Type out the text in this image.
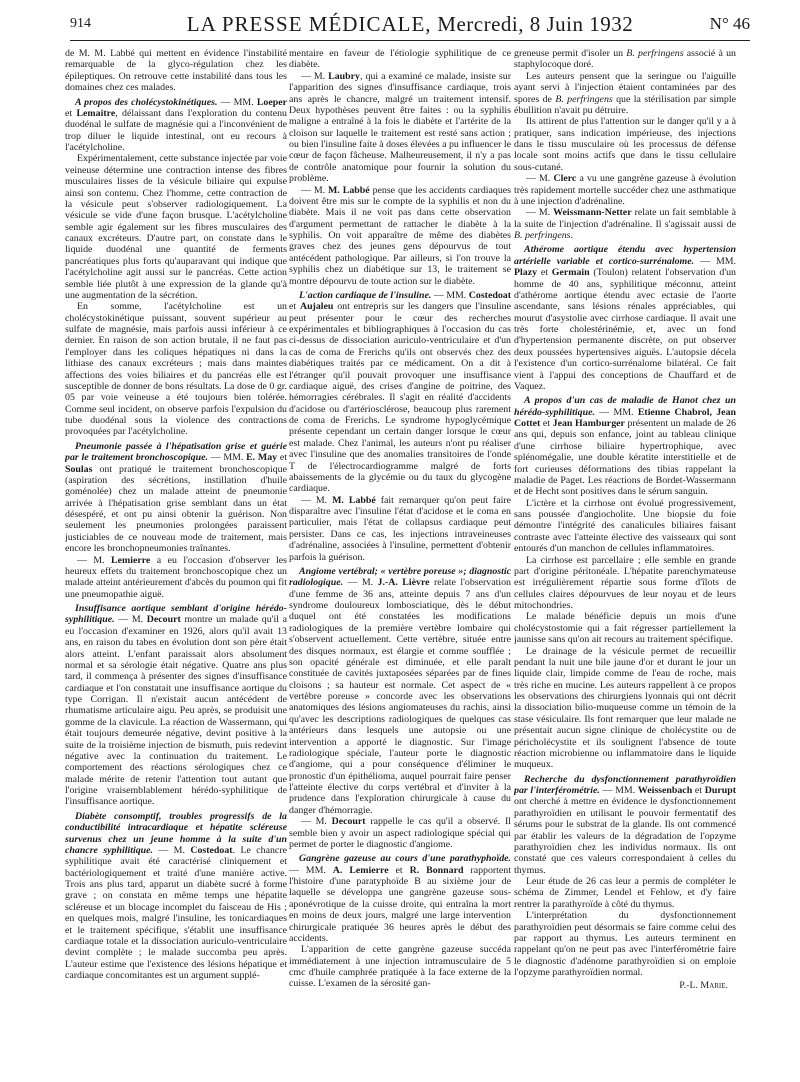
914	LA PRESSE MÉDICALE, Mercredi, 8 Juin 1932	N° 46

de M. M. Labbé qui mettent en évidence l'instabilité remarquable de la glyco-régulation chez les épileptiques. On retrouve cette instabilité dans tous les domaines chez ces malades.

A propos des cholécystokinétiques. — MM. Loeper et Lemaitre, délaissant dans l'exploration du contenu duodénal le sulfate de magnésie qui a l'inconvénient de trop diluer le liquide intestinal, ont eu recours à l'acétylcholine.

Expérimentalement, cette substance injectée par voie veineuse détermine une contraction intense des fibres musculaires lisses de la vésicule biliaire qui expulse ainsi son contenu. Chez l'homme, cette contraction de la vésicule peut s'observer radiologiquement. La vésicule se vide d'une façon brusque. L'acétylcholine semble agir également sur les fibres musculaires des canaux excréteurs. D'autre part, on constate dans le liquide duodénal une quantité de ferments pancréatiques plus forts qu'auparavant qui indique que l'acétylcholine agit aussi sur le pancréas. Cette action semble liée plutôt à une expression de la glande qu'à une augmentation de la sécrétion.

En somme, l'acétylcholine est un cholécystokinétique puissant, souvent supérieur au sulfate de magnésie, mais parfois aussi inférieur à ce dernier. En raison de son action brutale, il ne faut pas l'employer dans les coliques hépatiques ni dans la lithiase des canaux excréteurs ; mais dans maintes affections des voies biliaires et du pancréas elle est susceptible de donner de bons résultats. La dose de 0 gr. 05 par voie veineuse a été toujours bien tolérée. Comme seul incident, on observe parfois l'expulsion du tube duodénal sous la violence des contractions provoquées par l'acétylcholine.

Pneumonie passée à l'hépatisation grise et guérie par le traitement bronchoscopique. — MM. E. May et Soulas ont pratiqué le traitement bronchoscopique (aspiration des sécrétions, instillation d'huile goménolée) chez un malade atteint de pneumonie arrivée à l'hépatisation grise semblant dans un état désespéré, et ont pu ainsi obtenir la guérison. Non seulement les pneumonies prolongées paraissent justiciables de ce nouveau mode de traitement, mais encore les bronchopneumonies traînantes.

— M. Lemierre a eu l'occasion d'observer les heureux effets du traitement bronchoscopique chez un malade atteint antérieurement d'abcès du poumon qui fit une pneumopathie aiguë.

Insuffisance aortique semblant d'origine hérédo-syphilitique. — M. Decourt montre un malade qu'il a eu l'occasion d'examiner en 1926, alors qu'il avait 13 ans, en raison du tabes en évolution dont son père était alors atteint. L'enfant paraissait alors absolument normal et sa sérologie était négative. Quatre ans plus tard, il commença à présenter des signes d'insuffisance cardiaque et l'on constatait une insuffisance aortique du type Corrigan. Il n'existait aucun antécédent de rhumatisme articulaire aigu. Peu après, se produisit une gomme de la clavicule. La réaction de Wassermann, qui était toujours demeurée négative, devint positive à la suite de la troisième injection de bismuth, puis redevint négative avec la continuation du traitement. Le comportement des réactions sérologiques chez ce malade mérite de retenir l'attention tout autant que l'origine vraisemblablement hérédo-syphilitique de l'insuffisance aortique.

Diabète consomptif, troubles progressifs de la conductibilité intracardiaque et hépatite scléreuse survenus chez un jeune homme à la suite d'un chancre syphilitique. — M. Costedoat. Le chancre syphilitique avait été caractérisé cliniquement et bactériologiquement et traité d'une manière active. Trois ans plus tard, apparut un diabète sucré à forme grave ; on constata en même temps une hépatite scléreuse et un blocage incomplet du faisceau de His ; en quelques mois, malgré l'insuline, les tonicardiaques et le traitement spécifique, s'établit une insuffisance cardiaque totale et la dissociation auriculo-ventriculaire devint complète ; le malade succomba peu après. L'auteur estime que l'existence des lésions hépatique et cardiaque concomitantes est un argument supplé-

mentaire en faveur de l'étiologie syphilitique de ce diabète.

— M. Laubry, qui a examiné ce malade, insiste sur l'apparition des signes d'insuffisance cardiaque, trois ans après le chancre, malgré un traitement intensif. Deux hypothèses peuvent être faites : ou la syphilis maligne a entraîné à la fois le diabète et l'artérite de la cloison sur laquelle le traitement est resté sans action ; ou bien l'insuline faite à doses élevées a pu influencer le cœur de façon fâcheuse. Malheureusement, il n'y a pas de contrôle anatomique pour fournir la solution du problème.

— M. M. Labbé pense que les accidents cardiaques doivent être mis sur le compte de la syphilis et non du diabète. Mais il ne voit pas dans cette observation d'argument permettant de rattacher le diabète à la syphilis. On voit apparaître de même des diabètes graves chez des jeunes gens dépourvus de tout antécédent pathologique. Par ailleurs, si l'on trouve la syphilis chez un diabétique sur 13, le traitement se montre dépourvu de toute action sur le diabète.

L'action cardiaque de l'insuline. — MM. Costedoat et Aujaleu ont entrepris sur les dangers que l'insuline peut présenter pour le cœur des recherches expérimentales et bibliographiques à l'occasion du cas ci-dessus de dissociation auriculo-ventriculaire et d'un cas de coma de Frerichs qu'ils ont observés chez des diabétiques traités par ce médicament. On a dit à l'étranger qu'il pouvait provoquer une insuffisance cardiaque aiguë, des crises d'angine de poitrine, des hémorragies cérébrales. Il s'agit en réalité d'accidents d'acidose ou d'artériosclérose, beaucoup plus rarement de coma de Frerichs. Le syndrome hypoglycémique présente cependant un certain danger lorsque le cœur est malade. Chez l'animal, les auteurs n'ont pu réaliser avec l'insuline que des anomalies transitoires de l'onde T de l'électrocardiogramme malgré de forts abaissements de la glycémie ou du taux du glycogène cardiaque.

— M. M. Labbé fait remarquer qu'on peut faire disparaître avec l'insuline l'état d'acidose et le coma en particulier, mais l'état de collapsus cardiaque peut persister. Dans ce cas, les injections intraveineuses d'adrénaline, associées à l'insuline, permettent d'obtenir parfois la guérison.

Angiome vertébral; « vertèbre poreuse »; diagnostic radiologique. — M. J.-A. Lièvre relate l'observation d'une femme de 36 ans, atteinte depuis 7 ans d'un syndrome douloureux lombosciatique, dès le début duquel ont été constatées les modifications radiologiques de la première vertèbre lombaire qui s'observent actuellement. Cette vertèbre, située entre des disques normaux, est élargie et comme soufflée ; son opacité générale est diminuée, et elle paraît constituée de cavités juxtaposées séparées par de fines cloisons ; sa hauteur est normale. Cet aspect de « vertèbre poreuse » concorde avec les observations anatomiques des lésions angiomateuses du rachis, ainsi qu'avec les descriptions radiologiques de quelques cas antérieurs dans lesquels une autopsie ou une intervention a apporté le diagnostic. Sur l'image radiologique spéciale, l'auteur porte le diagnostic d'angiome, qui a pour conséquence d'éliminer le pronostic d'un épithélioma, auquel pourrait faire penser l'atteinte élective du corps vertébral et d'inviter à la prudence dans l'exploration chirurgicale à cause du danger d'hémorragie.

— M. Decourt rappelle le cas qu'il a observé. Il semble bien y avoir un aspect radiologique spécial qui permet de porter le diagnostic d'angiome.

Gangrène gazeuse au cours d'une parathyphoïde. — MM. A. Lemierre et R. Bonnard rapportent l'histoire d'une paratyphoïde B au sixième jour de laquelle se développa une gangrène gazeuse sous-aponévrotique de la cuisse droite, qui entraîna la mort en moins de deux jours, malgré une large intervention chirurgicale pratiquée 36 heures après le début des accidents.

L'apparition de cette gangrène gazeuse succéda immédiatement à une injection intramusculaire de 5 cmc d'huile camphrée pratiquée à la face externe de la cuisse. L'examen de la sérosité gan-

greneuse permit d'isoler un B. perfringens associé à un staphylocoque doré.

Les auteurs pensent que la seringue ou l'aiguille ayant servi à l'injection étaient contaminées par des spores de B. perfringens que la stérilisation par simple ébullition n'avait pu détruire.

Ils attirent de plus l'attention sur le danger qu'il y a à pratiquer, sans indication impérieuse, des injections dans le tissu musculaire où les processus de défense locale sont moins actifs que dans le tissu cellulaire sous-cutané.

— M. Clerc a vu une gangrène gazeuse à évolution très rapidement mortelle succéder chez une asthmatique à une injection d'adrénaline.

— M. Weissmann-Netter relate un fait semblable à la suite de l'injection d'adrénaline. Il s'agissait aussi de B. perfringens.

Athérome aortique étendu avec hypertension artérielle variable et cortico-surrénalome. — MM. Plazy et Germain (Toulon) relatent l'observation d'un homme de 40 ans, syphilitique méconnu, atteint d'athérome aortique étendu avec ectasie de l'aorte ascendante, sans lésions rénales appréciables, qui mourut d'asystolie avec cirrhose cardiaque. Il avait une très forte cholestérinémie, et, avec un fond d'hypertension permanente discrète, on put observer deux poussées hypertensives aiguës. L'autopsie décela l'existence d'un cortico-surrénalome bilatéral. Ce fait vient à l'appui des conceptions de Chauffard et de Vaquez.

A propos d'un cas de maladie de Hanot chez un hérédo-syphilitique. — MM. Etienne Chabrol, Jean Cottet et Jean Hamburger présentent un malade de 26 ans qui, depuis son enfance, joint au tableau clinique d'une cirrhose biliaire hypertrophique, avec splénomégalie, une double kératite interstitielle et de fort curieuses déformations des tibias rappelant la maladie de Paget. Les réactions de Bordet-Wassermann et de Hecht sont positives dans le sérum sanguin.

L'ictère et la cirrhose ont évolué progressivement, sans poussée d'angiocholite. Une biopsie du foie démontre l'intégrité des canalicules biliaires faisant contraste avec l'atteinte élective des vaisseaux qui sont entourés d'un manchon de cellules inflammatoires.

La cirrhose est parcellaire ; elle semble en grande part d'origine péritonéale. L'hépatite parenchymateuse est irrégulièrement répartie sous forme d'îlots de cellules claires dépourvues de leur noyau et de leurs mitochondries.

Le malade bénéficie depuis un mois d'une cholécystostomie qui a fait régresser partiellement la jaunisse sans qu'on ait recours au traitement spécifique.

Le drainage de la vésicule permet de recueillir pendant la nuit une bile jaune d'or et durant le jour un liquide clair, limpide comme de l'eau de roche, mais très riche en mucine. Les auteurs rappellent à ce propos les observations des chirurgiens lyonnais qui ont décrit la dissociation bilio-muqueuse comme un témoin de la stase vésiculaire. Ils font remarquer que leur malade ne présentait aucun signe clinique de cholécystite ou de péricholécystite et ils soulignent l'absence de toute réaction microbienne ou inflammatoire dans le liquide muqueux.

Recherche du dysfonctionnement parathyroïdien par l'interférométrie. — MM. Weissenbach et Durupt ont cherché à mettre en évidence le dysfonctionnement parathyroïdien en utilisant le pouvoir fermentatif des sérums pour le substrat de la glande. Ils ont commencé par établir les valeurs de la dégradation de l'opzyme parathyroïdien chez les individus normaux. Ils ont constaté que ces valeurs correspondaient à celles du thymus.

Leur étude de 26 cas leur a permis de compléter le schéma de Zimmer, Lendel et Fehlow, et d'y faire rentrer la parathyroïde à côté du thymus.

L'interprétation du dysfonctionnement parathyroïdien peut désormais se faire comme celui des par rapport au thymus. Les auteurs terminent en rappelant qu'on ne peut pas avec l'interférométrie faire le diagnostic d'adénome parathyroïdien si on emploie l'opzyme parathyroïdien normal.

P.-L. Marie.
